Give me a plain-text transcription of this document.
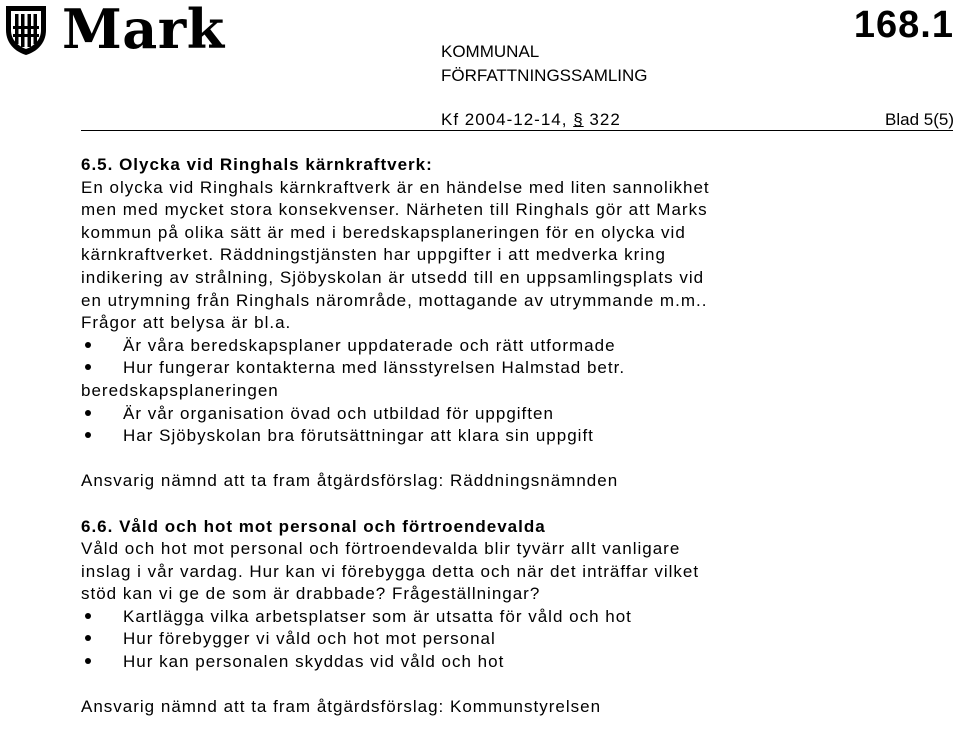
Mark	168.1
KOMMUNAL
FÖRFATTNINGSSAMLING
Kf 2004-12-14, § 322	Blad 5(5)
6.5. Olycka vid Ringhals kärnkraftverk:
En olycka vid Ringhals kärnkraftverk är en händelse med liten sannolikhet
men med mycket stora konsekvenser. Närheten till Ringhals gör att Marks
kommun på olika sätt är med i beredskapsplaneringen för en olycka vid
kärnkraftverket. Räddningstjänsten har uppgifter i att medverka kring
indikering av strålning, Sjöbyskolan är utsedd till en uppsamlingsplats vid
en utrymning från Ringhals närområde, mottagande av utrymmande m.m..
Frågor att belysa är bl.a.
Är våra beredskapsplaner uppdaterade och rätt utformade
Hur fungerar kontakterna med länsstyrelsen Halmstad betr.
beredskapsplaneringen
Är vår organisation övad och utbildad för uppgiften
Har Sjöbyskolan bra förutsättningar att klara sin uppgift
Ansvarig nämnd att ta fram åtgärdsförslag: Räddningsnämnden
6.6. Våld och hot mot personal och förtroendevalda
Våld och hot mot personal och förtroendevalda blir tyvärr allt vanligare
inslag i vår vardag. Hur kan vi förebygga detta och när det inträffar vilket
stöd kan vi ge de som är drabbade? Frågeställningar?
Kartlägga vilka arbetsplatser som är utsatta för våld och hot
Hur förebygger vi våld och hot mot personal
Hur kan personalen skyddas vid våld och hot
Ansvarig nämnd att ta fram åtgärdsförslag: Kommunstyrelsen
